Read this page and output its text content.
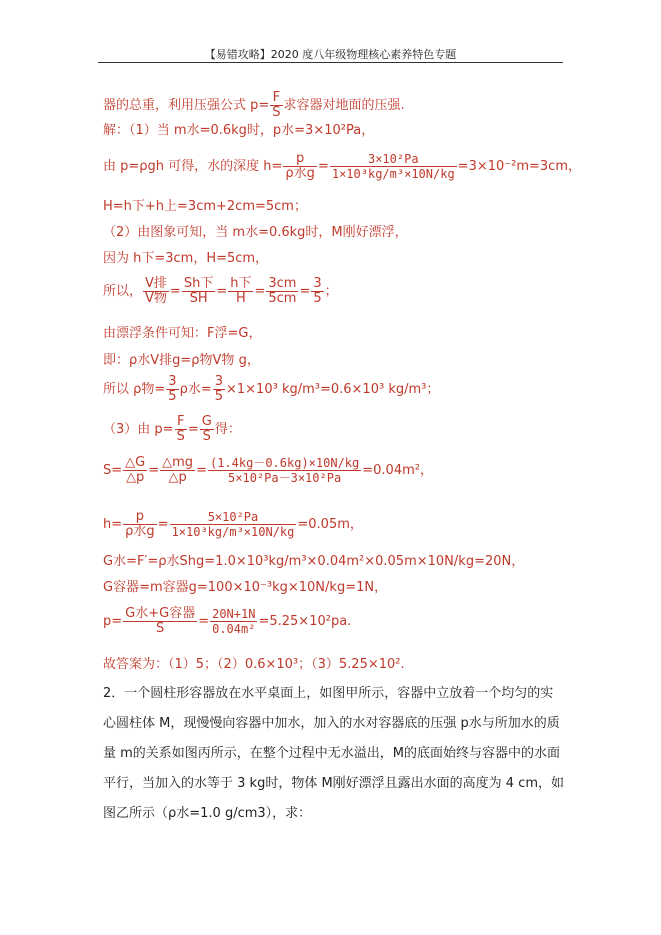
【易错攻略】2020 度八年级物理核心素养特色专题
器的总重，利用压强公式 $p= \frac{F}{S}$ 求容器对地面的压强.
解：（1）当 m水=0.6kg时，p水=3×10²Pa，
由 p=ρgh 可得，水的深度 $h= \frac{p}{\text{ρ水g}} = \frac{\text{3×10²Pa}}{\text{1×10³kg/m³×10N/kg}} =3\times 10^{-2}m=3cm$，
H=h下+h上=3cm+2cm=5cm；
（2）由图象可知，当 m水=0.6kg时，M刚好漂浮，
因为 h下=3cm，H=5cm，
所以， $\frac{\text{V排}}{\text{V物}} = \frac{\text{Sh下}}{SH} = \frac{\text{h下}}{H} = \frac{3cm}{5cm} = \frac{3}{5}$ ；
由漂浮条件可知：F浮=G，
即：ρ水V排g=ρ物V物 g，
所以 ρ物= $\frac{3}{5}$ ρ水= $\frac{3}{5} \times 1\times 10^3$ kg/m³=0.6×10³ kg/m³；
（3）由 $p= \frac{F}{S} = \frac{G}{S}$ 得：
$S= \frac{\triangle G}{\triangle p} = \frac{\triangle mg}{\triangle p} = \frac{(1.4kg-0.6kg)\times 10N/kg}{\text{5×10²Pa－3×10²Pa}} =0.04m^2$，
$h= \frac{p}{\text{ρ水g}} = \frac{\text{5×10²Pa}}{\text{1×10³kg/m³×10N/kg}} =0.05m$，
G水=F′=ρ水Shg=1.0×10³kg/m³×0.04m²×0.05m×10N/kg=20N，
G容器=m容器g=100×10⁻³kg×10N/kg=1N，
$p= \frac{\text{G水+G容器}}{S} = \frac{20N+1N}{\text{0.04m²}} =5.25\times 10^2pa$.
故答案为：（1）5；（2）0.6×10³；（3）5.25×10².
2．一个圆柱形容器放在水平桌面上，如图甲所示，容器中立放着一个均匀的实
心圆柱体 M，现慢慢向容器中加水，加入的水对容器底的压强 p水与所加水的质
量 m的关系如图丙所示，在整个过程中无水溢出，M的底面始终与容器中的水面
平行，当加入的水等于 3 kg时，物体 M刚好漂浮且露出水面的高度为 4 cm，如
图乙所示（ρ水=1.0 g/cm3），求：
